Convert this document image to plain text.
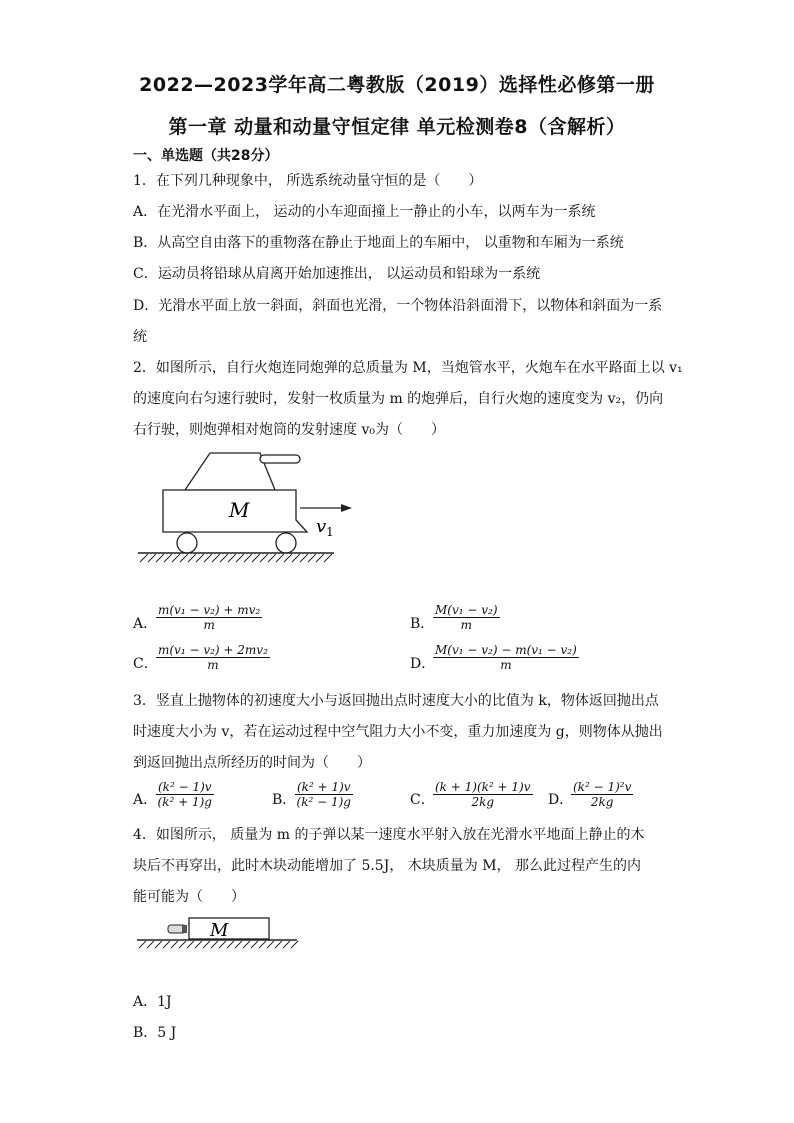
2022—2023学年高二粤教版（2019）选择性必修第一册
第一章 动量和动量守恒定律 单元检测卷8（含解析）
一、单选题（共28分）
1．在下列几种现象中， 所选系统动量守恒的是（　　）
A．在光滑水平面上， 运动的小车迎面撞上一静止的小车，以两车为一系统
B．从高空自由落下的重物落在静止于地面上的车厢中， 以重物和车厢为一系统
C．运动员将铅球从肩离开始加速推出， 以运动员和铅球为一系统
D．光滑水平面上放一斜面，斜面也光滑，一个物体沿斜面滑下，以物体和斜面为一系
统
2．如图所示，自行火炮连同炮弹的总质量为 M，当炮管水平，火炮车在水平路面上以 v₁
的速度向右匀速行驶时，发射一枚质量为 m 的炮弹后，自行火炮的速度变为 v₂，仍向
右行驶，则炮弹相对炮筒的发射速度 v₀为（　　）
M
$v_1$
A．
$\frac{\text{m(v₁ − v₂) + mv₂}}{m}$	B．
$\frac{\text{M(v₁ − v₂)}}{m}$
C．
$\frac{\text{m(v₁ − v₂) + 2mv₂}}{m}$	D．
$\frac{\text{M(v₁ − v₂) − m(v₁ − v₂)}}{m}$
3．竖直上抛物体的初速度大小与返回抛出点时速度大小的比值为 k，物体返回抛出点
时速度大小为 v，若在运动过程中空气阻力大小不变，重力加速度为 g，则物体从抛出
到返回抛出点所经历的时间为（　　）
A．
$\frac{\text{(k² − 1)v}}{\text{(k² + 1)g}}$	B．
$\frac{\text{(k² + 1)v}}{\text{(k² − 1)g}}$	C．
$\frac{\text{(k + 1)(k² + 1)v}}{2kg}$ D．
$\frac{\text{(k² − 1)²v}}{2kg}$
4．如图所示， 质量为 m 的子弹以某一速度水平射入放在光滑水平地面上静止的木
块后不再穿出，此时木块动能增加了 5.5J， 木块质量为 M， 那么此过程产生的内
能可能为（　　）
M
A．1J
B．5 J
